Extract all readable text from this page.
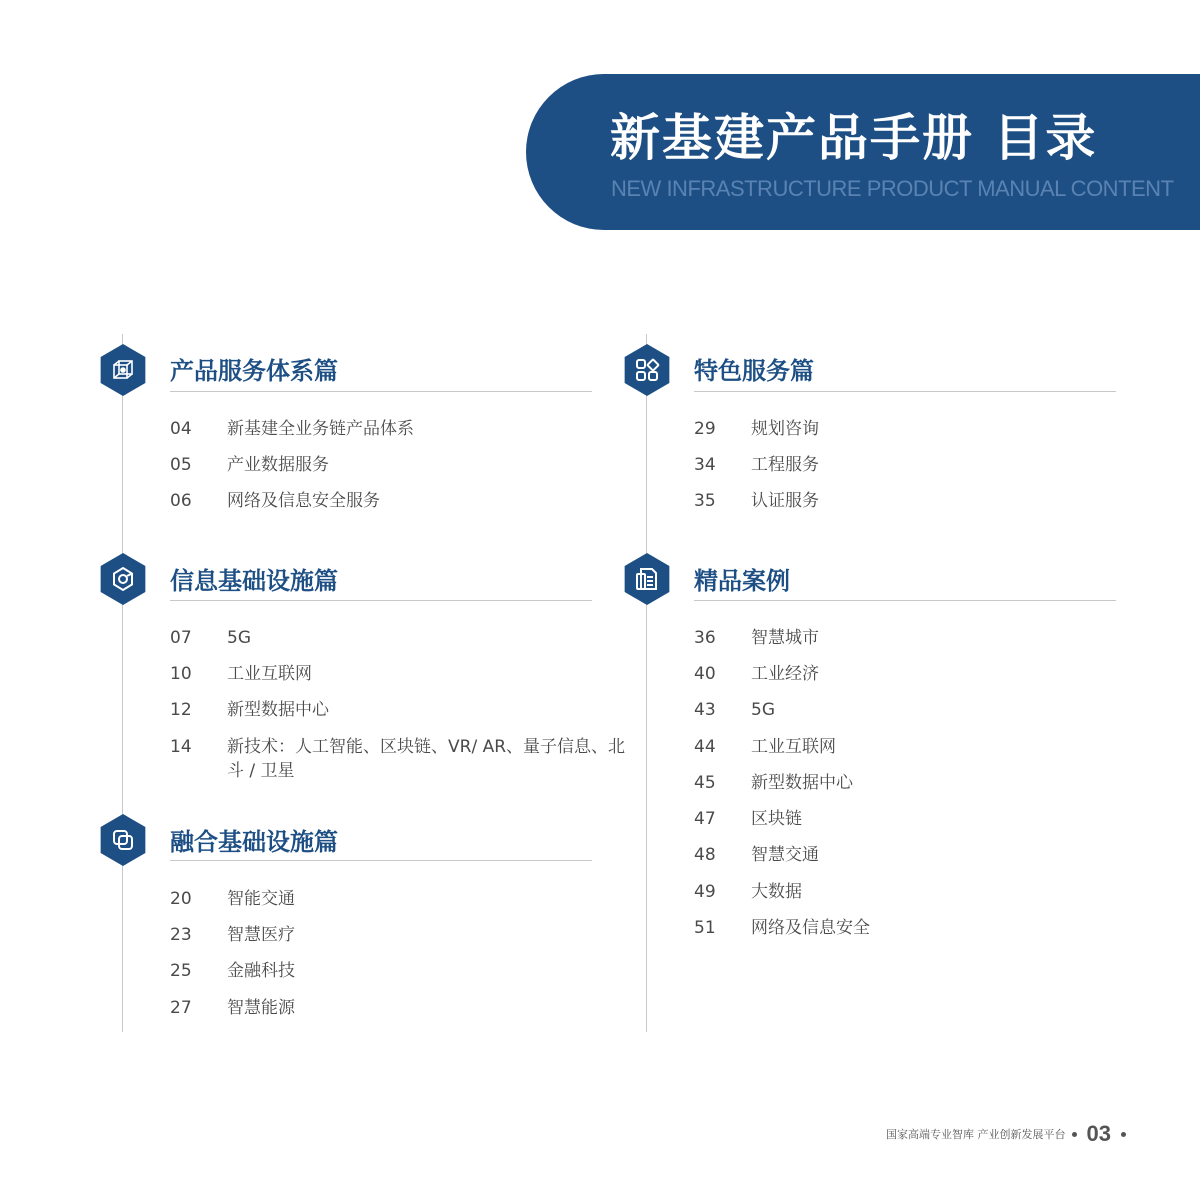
新基建产品手册 目录
NEW INFRASTRUCTURE PRODUCT MANUAL CONTENT
产品服务体系篇
04	新基建全业务链产品体系
05	产业数据服务
06	网络及信息安全服务
信息基础设施篇
07	5G
10	工业互联网
12	新型数据中心
14	新技术：人工智能、区块链、VR/ AR、量子信息、北斗 / 卫星
融合基础设施篇
20	智能交通
23	智慧医疗
25	金融科技
27	智慧能源
特色服务篇
29	规划咨询
34	工程服务
35	认证服务
精品案例
36	智慧城市
40	工业经济
43	5G
44	工业互联网
45	新型数据中心
47	区块链
48	智慧交通
49	大数据
51	网络及信息安全
国家高端专业智库 产业创新发展平台 03
